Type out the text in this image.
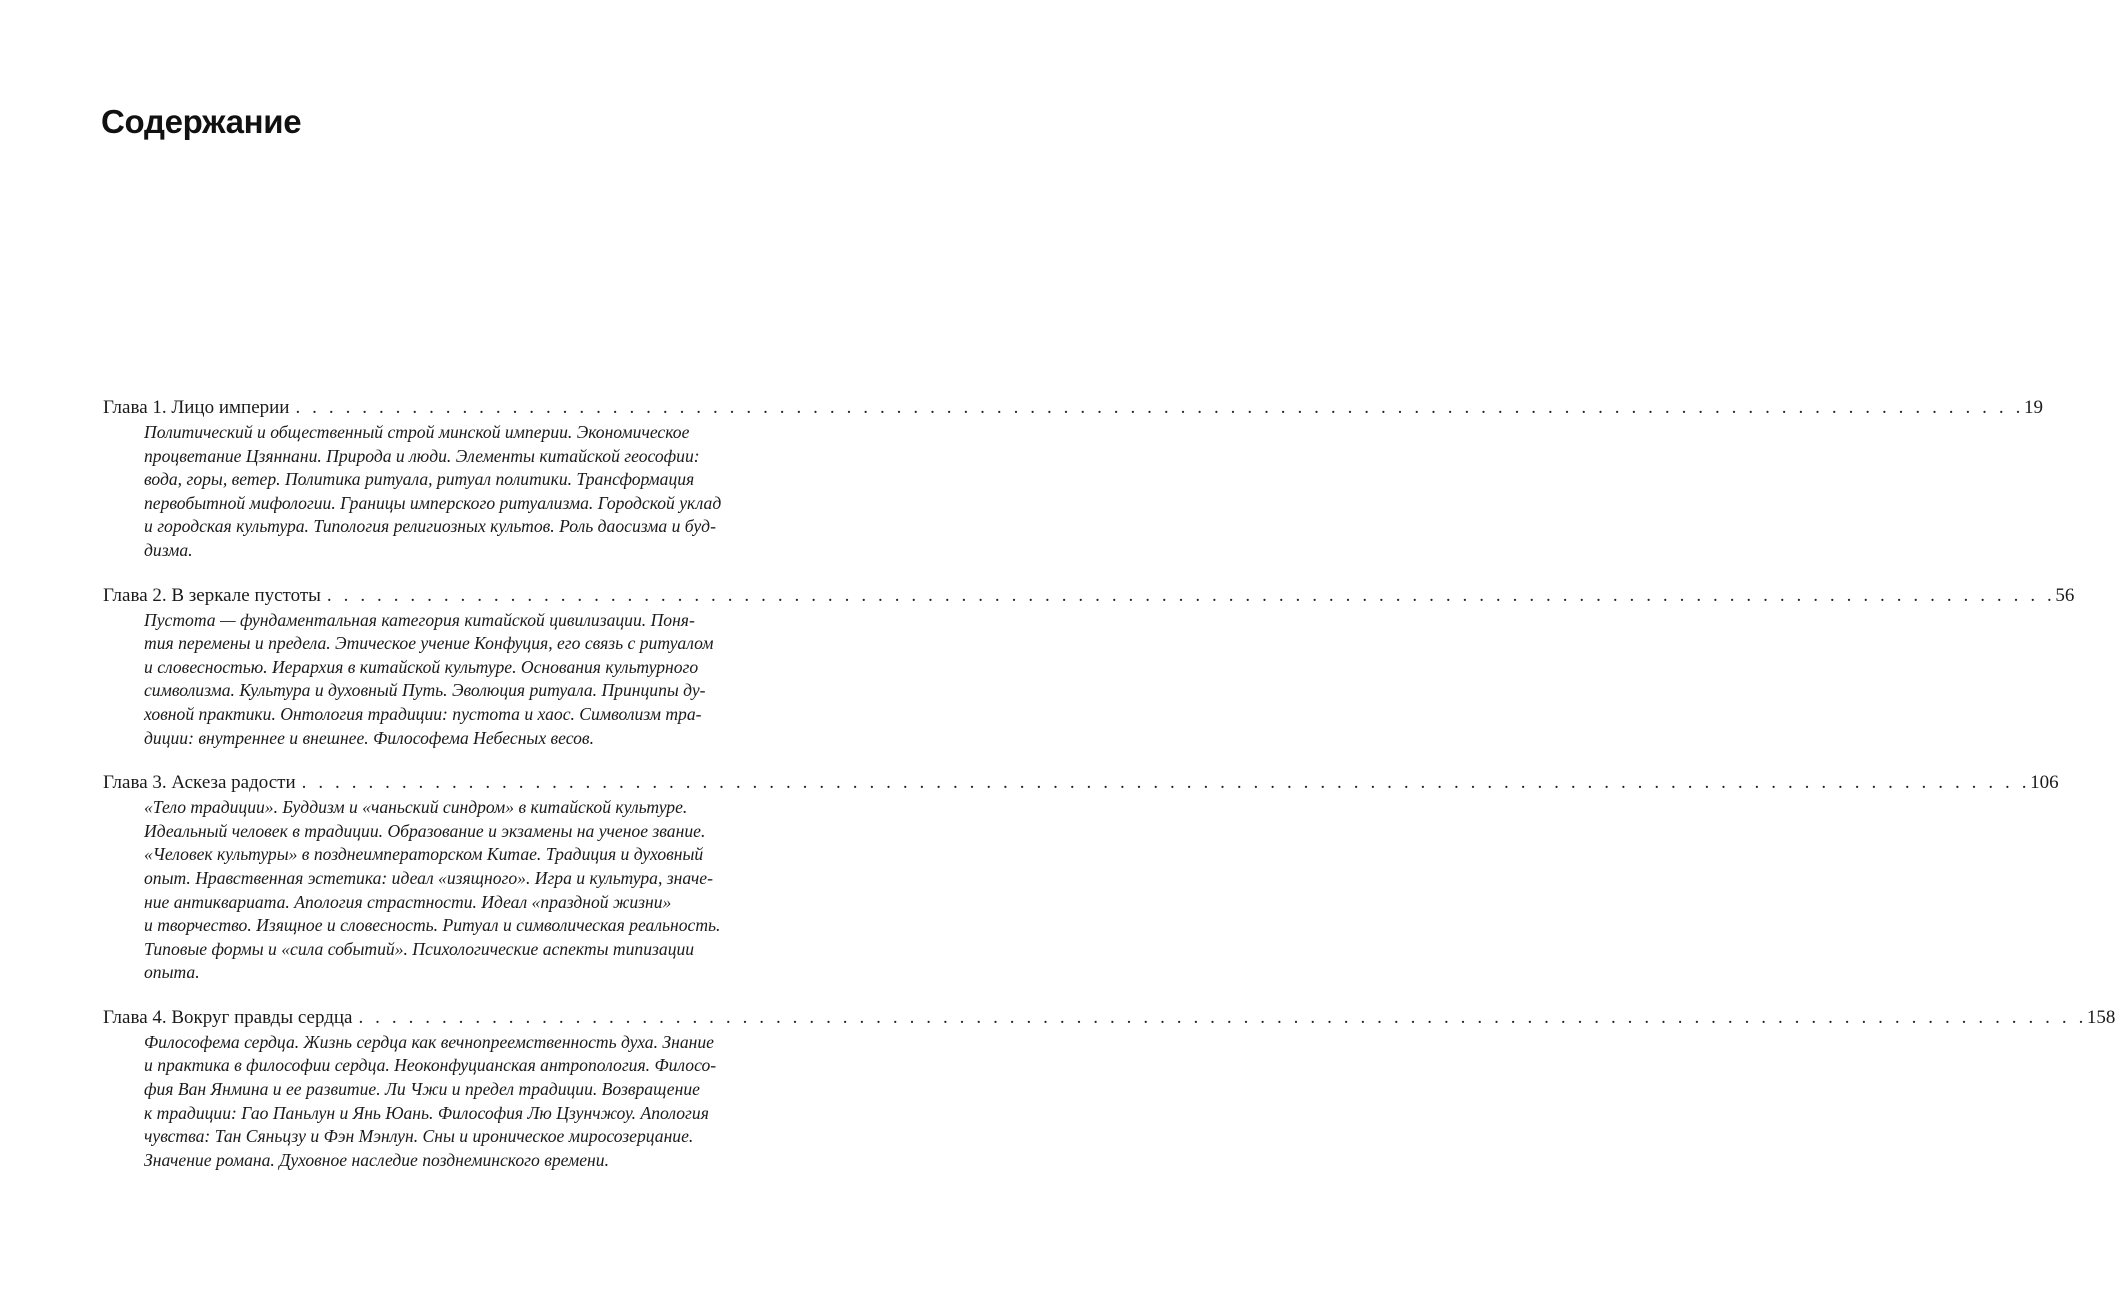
Содержание
Глава 1. Лицо империи . . . . . . . . . . . . . . . . . . . . . . . . . . . . . . . . . . . . . . . . . . . . . . . . . . . . . . . . . . . . . . . . . . . . . . . . . . . . . . . . . . . . . . . . . . . . . . . . . . . . . . . . 19
Политический и общественный строй минской империи. Экономическое
процветание Цзяннани. Природа и люди. Элементы китайской геософии:
вода, горы, ветер. Политика ритуала, ритуал политики. Трансформация
первобытной мифологии. Границы имперского ритуализма. Городской уклад
и городская культура. Типология религиозных культов. Роль даосизма и буд-
дизма.
Глава 2. В зеркале пустоты . . . . . . . . . . . . . . . . . . . . . . . . . . . . . . . . . . . . . . . . . . . . . . . . . . . . . . . . . . . . . . . . . . . . . . . . . . . . . . . . . . . . . . . . . . . . . . . . . . . . . . . . 56
Пустота — фундаментальная категория китайской цивилизации. Поня-
тия перемены и предела. Этическое учение Конфуция, его связь с ритуалом
и словесностью. Иерархия в китайской культуре. Основания культурного
символизма. Культура и духовный Путь. Эволюция ритуала. Принципы ду-
ховной практики. Онтология традиции: пустота и хаос. Символизм тра-
диции: внутреннее и внешнее. Философема Небесных весов.
Глава 3. Аскеза радости . . . . . . . . . . . . . . . . . . . . . . . . . . . . . . . . . . . . . . . . . . . . . . . . . . . . . . . . . . . . . . . . . . . . . . . . . . . . . . . . . . . . . . . . . . . . . . . . . . . . . . . . 106
«Тело традиции». Буддизм и «чаньский синдром» в китайской культуре.
Идеальный человек в традиции. Образование и экзамены на ученое звание.
«Человек культуры» в позднеимператорском Китае. Традиция и духовный
опыт. Нравственная эстетика: идеал «изящного». Игра и культура, значе-
ние антиквариата. Апология страстности. Идеал «праздной жизни»
и творчество. Изящное и словесность. Ритуал и символическая реальность.
Типовые формы и «сила событий». Психологические аспекты типизации
опыта.
Глава 4. Вокруг правды сердца . . . . . . . . . . . . . . . . . . . . . . . . . . . . . . . . . . . . . . . . . . . . . . . . . . . . . . . . . . . . . . . . . . . . . . . . . . . . . . . . . . . . . . . . . . . . . . . . . . . . . . . . 158
Философема сердца. Жизнь сердца как вечнопреемственность духа. Знание
и практика в философии сердца. Неоконфуцианская антропология. Филосо-
фия Ван Янмина и ее развитие. Ли Чжи и предел традиции. Возвращение
к традиции: Гао Паньлун и Янь Юань. Философия Лю Цзунчжоу. Апология
чувства: Тан Сяньцзу и Фэн Мэнлун. Сны и ироническое миросозерцание.
Значение романа. Духовное наследие позднеминского времени.
